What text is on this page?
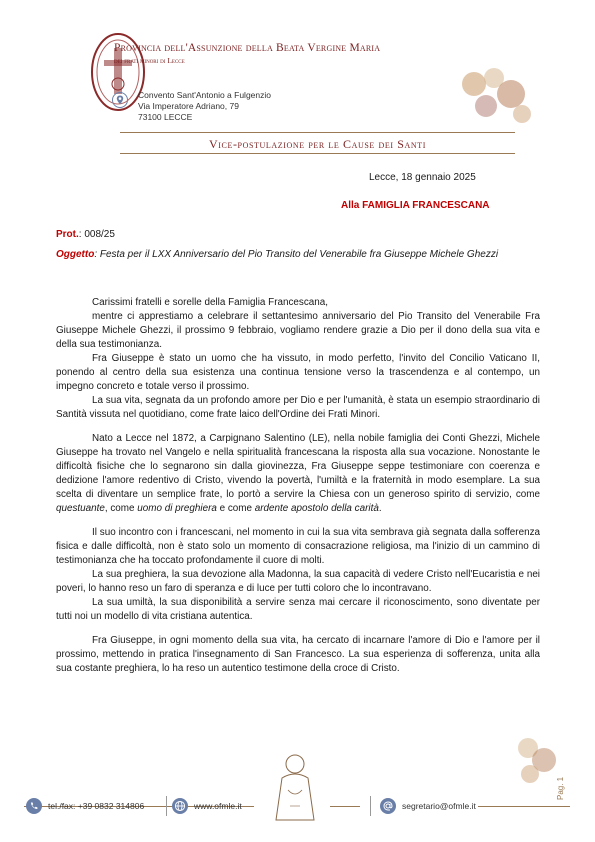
Provincia dell'Assunzione della Beata Vergine Maria
dei frati minori di Lecce
Convento Sant'Antonio a Fulgenzio
Via Imperatore Adriano, 79
73100 LECCE
Vice-postulazione per le Cause dei Santi
Lecce, 18 gennaio 2025
Alla FAMIGLIA FRANCESCANA
Prot.: 008/25
Oggetto: Festa per il LXX Anniversario del Pio Transito del Venerabile fra Giuseppe Michele Ghezzi

Carissimi fratelli e sorelle della Famiglia Francescana,

mentre ci apprestiamo a celebrare il settantesimo anniversario del Pio Transito del Venerabile Fra Giuseppe Michele Ghezzi, il prossimo 9 febbraio, vogliamo rendere grazie a Dio per il dono della sua vita e della sua testimonianza.

Fra Giuseppe è stato un uomo che ha vissuto, in modo perfetto, l'invito del Concilio Vaticano II, ponendo al centro della sua esistenza una continua tensione verso la trascendenza e al contempo, un impegno concreto e totale verso il prossimo.

La sua vita, segnata da un profondo amore per Dio e per l'umanità, è stata un esempio straordinario di Santità vissuta nel quotidiano, come frate laico dell'Ordine dei Frati Minori.

Nato a Lecce nel 1872, a Carpignano Salentino (LE), nella nobile famiglia dei Conti Ghezzi, Michele Giuseppe ha trovato nel Vangelo e nella spiritualità francescana la risposta alla sua vocazione. Nonostante le difficoltà fisiche che lo segnarono sin dalla giovinezza, Fra Giuseppe seppe testimoniare con coerenza e dedizione l'amore redentivo di Cristo, vivendo la povertà, l'umiltà e la fraternità in modo esemplare. La sua scelta di diventare un semplice frate, lo portò a servire la Chiesa con un generoso spirito di servizio, come questuante, come uomo di preghiera e come ardente apostolo della carità.

Il suo incontro con i francescani, nel momento in cui la sua vita sembrava già segnata dalla sofferenza fisica e dalle difficoltà, non è stato solo un momento di consacrazione religiosa, ma l'inizio di un cammino di testimonianza che ha toccato profondamente il cuore di molti.

La sua preghiera, la sua devozione alla Madonna, la sua capacità di vedere Cristo nell'Eucaristia e nei poveri, lo hanno reso un faro di speranza e di luce per tutti coloro che lo incontravano.

La sua umiltà, la sua disponibilità a servire senza mai cercare il riconoscimento, sono diventate per tutti noi un modello di vita cristiana autentica.

Fra Giuseppe, in ogni momento della sua vita, ha cercato di incarnare l'amore di Dio e l'amore per il prossimo, mettendo in pratica l'insegnamento di San Francesco. La sua esperienza di sofferenza, unita alla sua costante preghiera, lo ha reso un autentico testimone della croce di Cristo.

Pag. 1
tel./fax: +39 0832 314806	www.ofmle.it	segretario@ofmle.it
